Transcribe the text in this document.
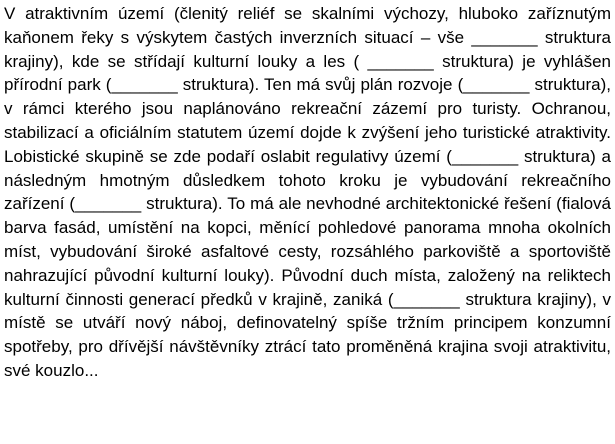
V atraktivním území (členitý reliéf se skalními výchozy, hluboko zaříznutým kaňonem řeky s výskytem častých inverzních situací – vše _______ struktura krajiny), kde se střídají kulturní louky a les ( _______ struktura) je vyhlášen přírodní park (_______ struktura). Ten má svůj plán rozvoje (_______ struktura), v rámci kterého jsou naplánováno rekreační zázemí pro turisty. Ochranou, stabilizací a oficiálním statutem území dojde k zvýšení jeho turistické atraktivity. Lobistické skupině se zde podaří oslabit regulativy území (_______ struktura) a následným hmotným důsledkem tohoto kroku je vybudování rekreačního zařízení (_______ struktura). To má ale nevhodné architektonické řešení (fialová barva fasád, umístění na kopci, měnící pohledové panorama mnoha okolních míst, vybudování široké asfaltové cesty, rozsáhlého parkoviště a sportoviště nahrazující původní kulturní louky). Původní duch místa, založený na reliktech kulturní činnosti generací předků v krajině, zaniká (_______ struktura krajiny), v místě se utváří nový náboj, definovatelný spíše tržním principem konzumní spotřeby, pro dřívější návštěvníky ztrácí tato proměněná krajina svoji atraktivitu, své kouzlo...
